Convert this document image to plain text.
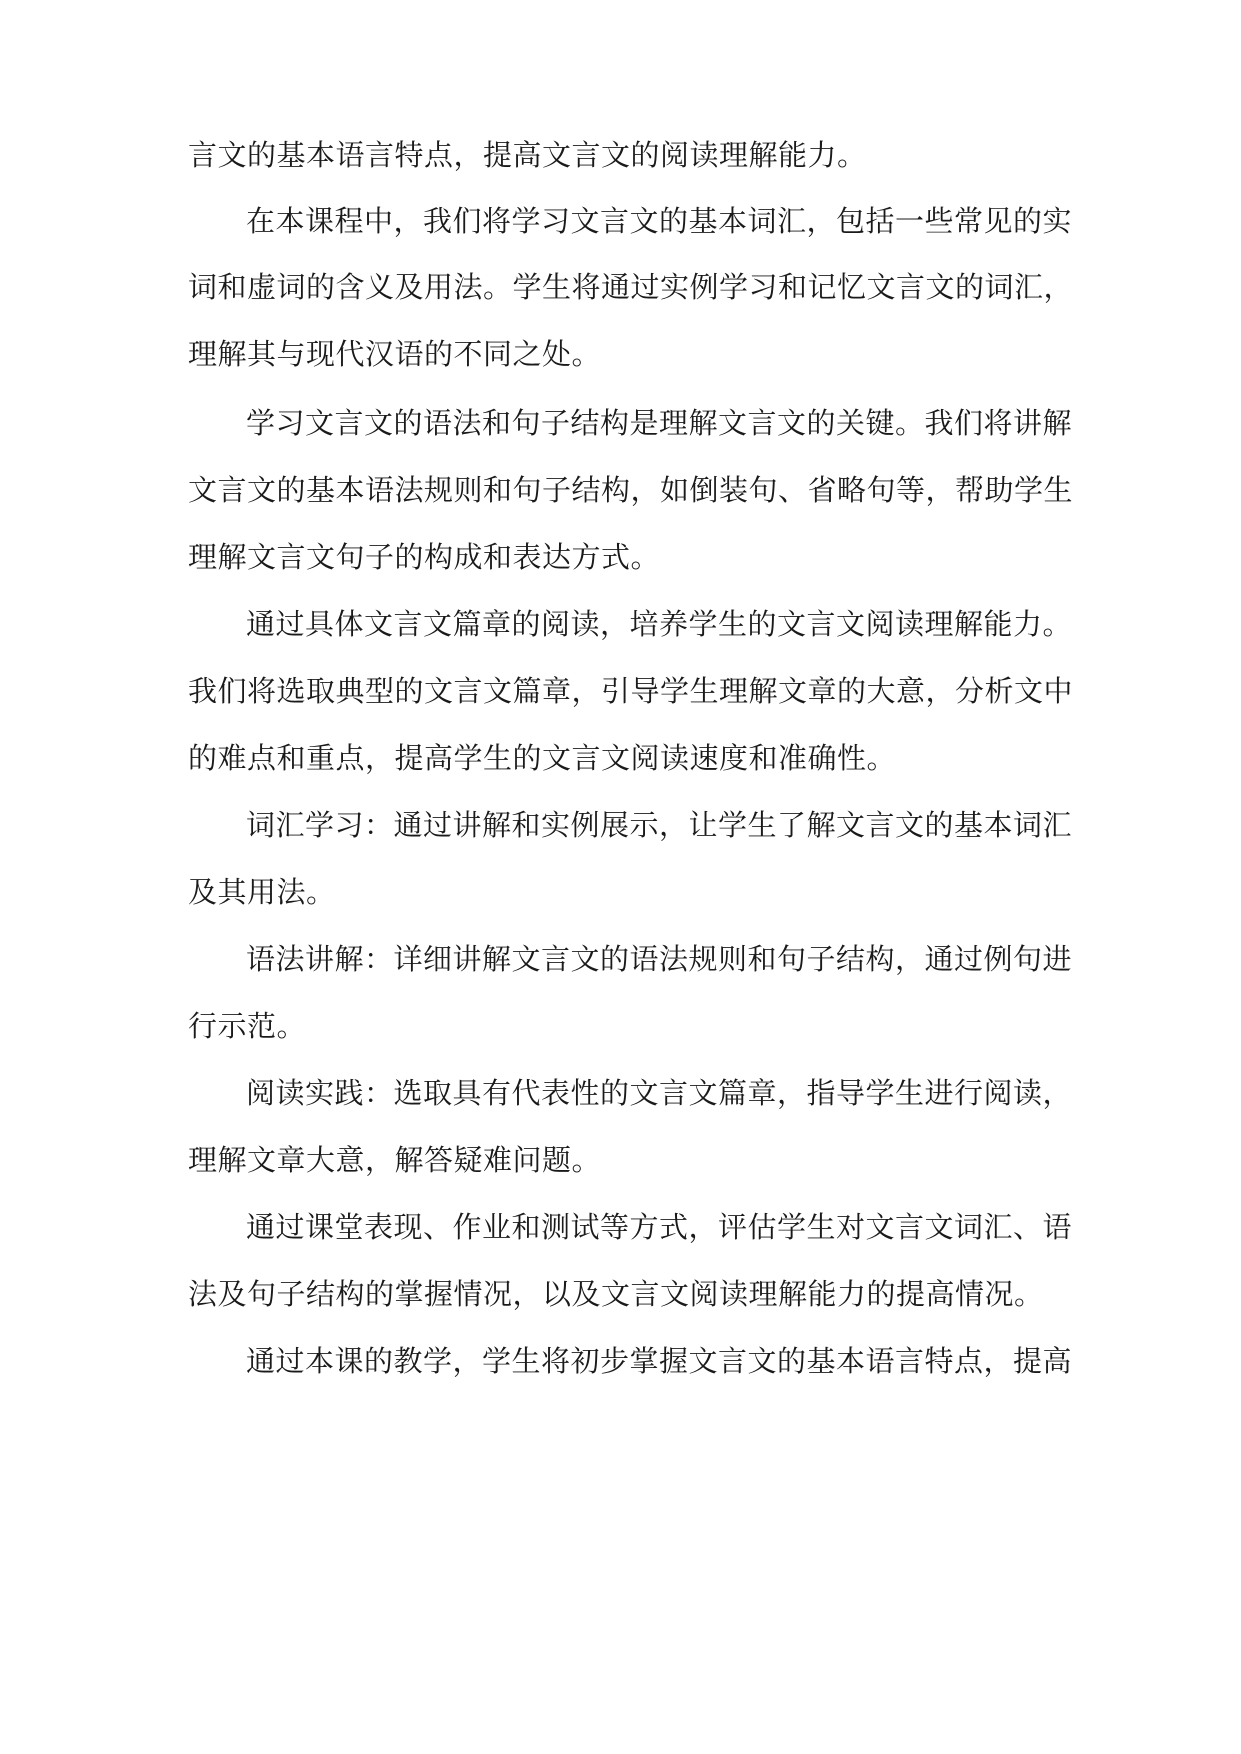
言文的基本语言特点，提高文言文的阅读理解能力。
在本课程中，我们将学习文言文的基本词汇，包括一些常见的实
词和虚词的含义及用法。学生将通过实例学习和记忆文言文的词汇，
理解其与现代汉语的不同之处。
学习文言文的语法和句子结构是理解文言文的关键。我们将讲解
文言文的基本语法规则和句子结构，如倒装句、省略句等，帮助学生
理解文言文句子的构成和表达方式。
通过具体文言文篇章的阅读，培养学生的文言文阅读理解能力。
我们将选取典型的文言文篇章，引导学生理解文章的大意，分析文中
的难点和重点，提高学生的文言文阅读速度和准确性。
词汇学习：通过讲解和实例展示，让学生了解文言文的基本词汇
及其用法。
语法讲解：详细讲解文言文的语法规则和句子结构，通过例句进
行示范。
阅读实践：选取具有代表性的文言文篇章，指导学生进行阅读，
理解文章大意，解答疑难问题。
通过课堂表现、作业和测试等方式，评估学生对文言文词汇、语
法及句子结构的掌握情况，以及文言文阅读理解能力的提高情况。
通过本课的教学，学生将初步掌握文言文的基本语言特点，提高
